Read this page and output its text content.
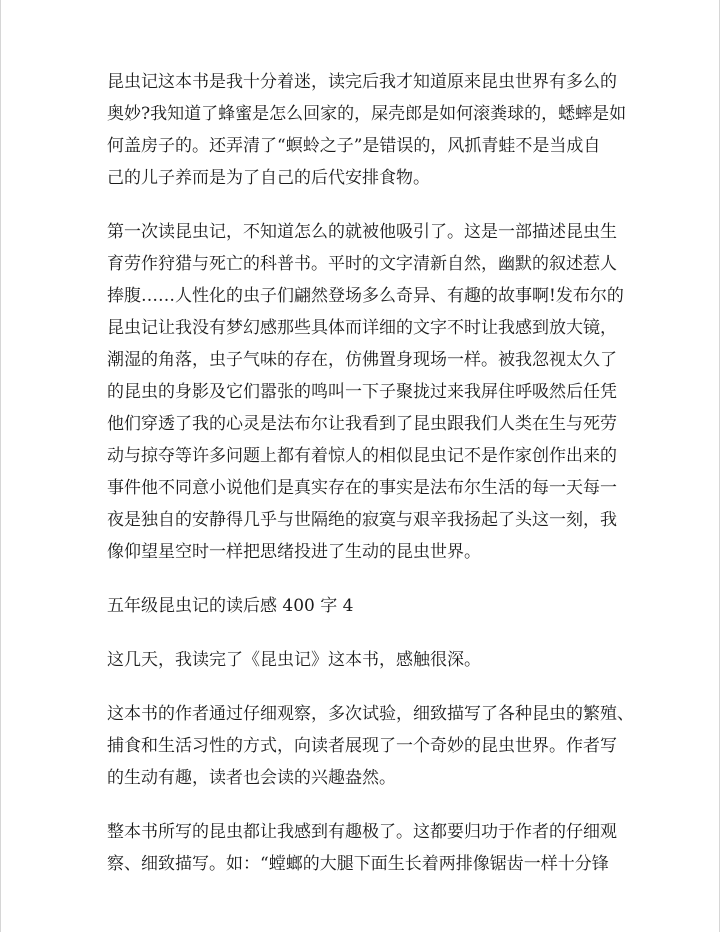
昆虫记这本书是我十分着迷，读完后我才知道原来昆虫世界有多么的
奥妙?我知道了蜂蜜是怎么回家的，屎壳郎是如何滚粪球的，蟋蟀是如
何盖房子的。还弄清了“螟蛉之子”是错误的，风抓青蛙不是当成自
己的儿子养而是为了自己的后代安排食物。

第一次读昆虫记，不知道怎么的就被他吸引了。这是一部描述昆虫生
育劳作狩猎与死亡的科普书。平时的文字清新自然，幽默的叙述惹人
捧腹……人性化的虫子们翩然登场多么奇异、有趣的故事啊!发布尔的
昆虫记让我没有梦幻感那些具体而详细的文字不时让我感到放大镜，
潮湿的角落，虫子气味的存在，仿佛置身现场一样。被我忽视太久了
的昆虫的身影及它们嚣张的鸣叫一下子聚拢过来我屏住呼吸然后任凭
他们穿透了我的心灵是法布尔让我看到了昆虫跟我们人类在生与死劳
动与掠夺等许多问题上都有着惊人的相似昆虫记不是作家创作出来的
事件他不同意小说他们是真实存在的事实是法布尔生活的每一天每一
夜是独自的安静得几乎与世隔绝的寂寞与艰辛我扬起了头这一刻，我
像仰望星空时一样把思绪投进了生动的昆虫世界。

五年级昆虫记的读后感 400 字 4

这几天，我读完了《昆虫记》这本书，感触很深。

这本书的作者通过仔细观察，多次试验，细致描写了各种昆虫的繁殖、
捕食和生活习性的方式，向读者展现了一个奇妙的昆虫世界。作者写
的生动有趣，读者也会读的兴趣盎然。

整本书所写的昆虫都让我感到有趣极了。这都要归功于作者的仔细观
察、细致描写。如：“螳螂的大腿下面生长着两排像锯齿一样十分锋
